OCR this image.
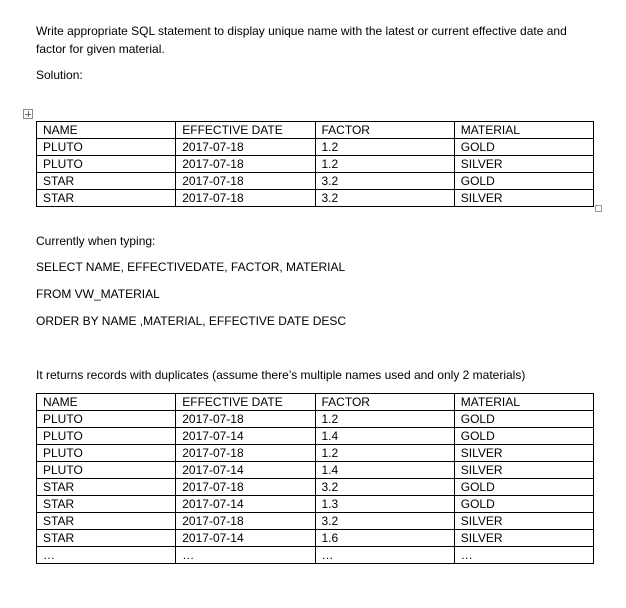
Write appropriate SQL statement to display unique name with the latest or current effective date and factor for given material.

Solution:

NAME	EFFECTIVE DATE	FACTOR	MATERIAL
PLUTO	2017-07-18	1.2	GOLD
PLUTO	2017-07-18	1.2	SILVER
STAR	2017-07-18	3.2	GOLD
STAR	2017-07-18	3.2	SILVER

Currently when typing:

SELECT NAME, EFFECTIVEDATE, FACTOR, MATERIAL

FROM VW_MATERIAL

ORDER BY NAME ,MATERIAL, EFFECTIVE DATE DESC

It returns records with duplicates (assume there’s multiple names used and only 2 materials)

NAME	EFFECTIVE DATE	FACTOR	MATERIAL
PLUTO	2017-07-18	1.2	GOLD
PLUTO	2017-07-14	1.4	GOLD
PLUTO	2017-07-18	1.2	SILVER
PLUTO	2017-07-14	1.4	SILVER
STAR	2017-07-18	3.2	GOLD
STAR	2017-07-14	1.3	GOLD
STAR	2017-07-18	3.2	SILVER
STAR	2017-07-14	1.6	SILVER
…	…	…	…
